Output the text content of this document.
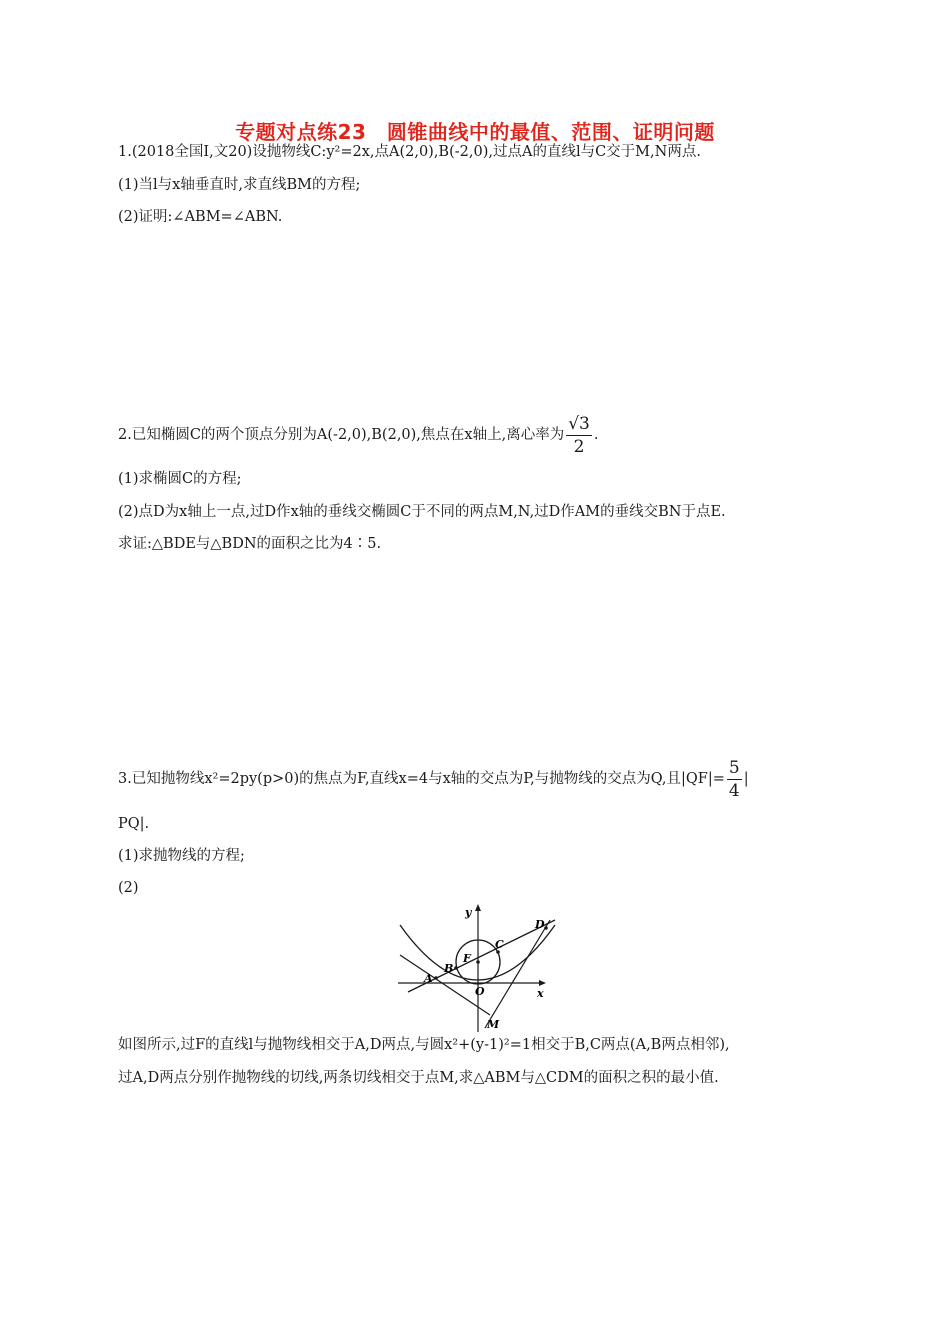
专题对点练23　圆锥曲线中的最值、范围、证明问题
1.(2018全国Ⅰ,文20)设抛物线C:y²=2x,点A(2,0),B(-2,0),过点A的直线l与C交于M,N两点.
(1)当l与x轴垂直时,求直线BM的方程;
(2)证明:∠ABM=∠ABN.
2.已知椭圆C的两个顶点分别为A(-2,0),B(2,0),焦点在x轴上,离心率为 $\frac{√3}{2}$ .
(1)求椭圆C的方程;
(2)点D为x轴上一点,过D作x轴的垂线交椭圆C于不同的两点M,N,过D作AM的垂线交BN于点E.
求证:△BDE与△BDN的面积之比为4∶5.
3.已知抛物线x²=2py(p>0)的焦点为F,直线x=4与x轴的交点为P,与抛物线的交点为Q,且$|QF|= \frac{5}{4}$ |
PQ|.
(1)求抛物线的方程;
(2)
y
x
O
F
A
B
C
D
M
如图所示,过F的直线l与抛物线相交于A,D两点,与圆x²+(y-1)²=1相交于B,C两点(A,B两点相邻),
过A,D两点分别作抛物线的切线,两条切线相交于点M,求△ABM与△CDM的面积之积的最小值.
